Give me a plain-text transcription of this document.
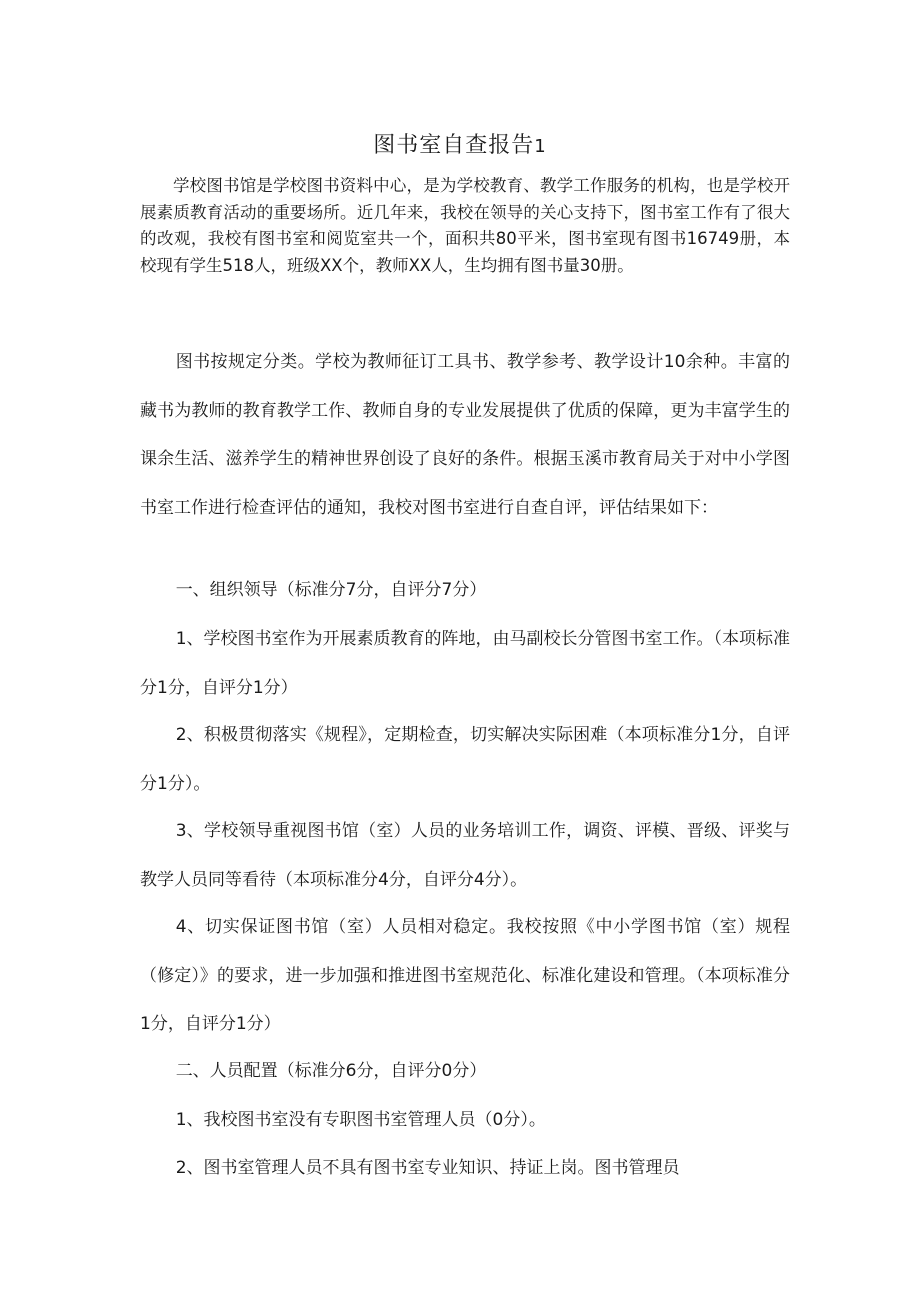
图书室自查报告1

学校图书馆是学校图书资料中心，是为学校教育、教学工作服务的机构，也是学校开展素质教育活动的重要场所。近几年来，我校在领导的关心支持下，图书室工作有了很大的改观，我校有图书室和阅览室共一个，面积共80平米，图书室现有图书16749册，本校现有学生518人，班级XX个，教师XX人，生均拥有图书量30册。

图书按规定分类。学校为教师征订工具书、教学参考、教学设计10余种。丰富的藏书为教师的教育教学工作、教师自身的专业发展提供了优质的保障，更为丰富学生的课余生活、滋养学生的精神世界创设了良好的条件。根据玉溪市教育局关于对中小学图书室工作进行检查评估的通知，我校对图书室进行自查自评，评估结果如下：

一、组织领导（标准分7分，自评分7分）

1、学校图书室作为开展素质教育的阵地，由马副校长分管图书室工作。（本项标准分1分，自评分1分）

2、积极贯彻落实《规程》，定期检查，切实解决实际困难（本项标准分1分，自评分1分）。

3、学校领导重视图书馆（室）人员的业务培训工作，调资、评模、晋级、评奖与教学人员同等看待（本项标准分4分，自评分4分）。

4、切实保证图书馆（室）人员相对稳定。我校按照《中小学图书馆（室）规程（修定）》的要求，进一步加强和推进图书室规范化、标准化建设和管理。（本项标准分1分，自评分1分）

二、人员配置（标准分6分，自评分0分）

1、我校图书室没有专职图书室管理人员（0分）。

2、图书室管理人员不具有图书室专业知识、持证上岗。图书管理员
